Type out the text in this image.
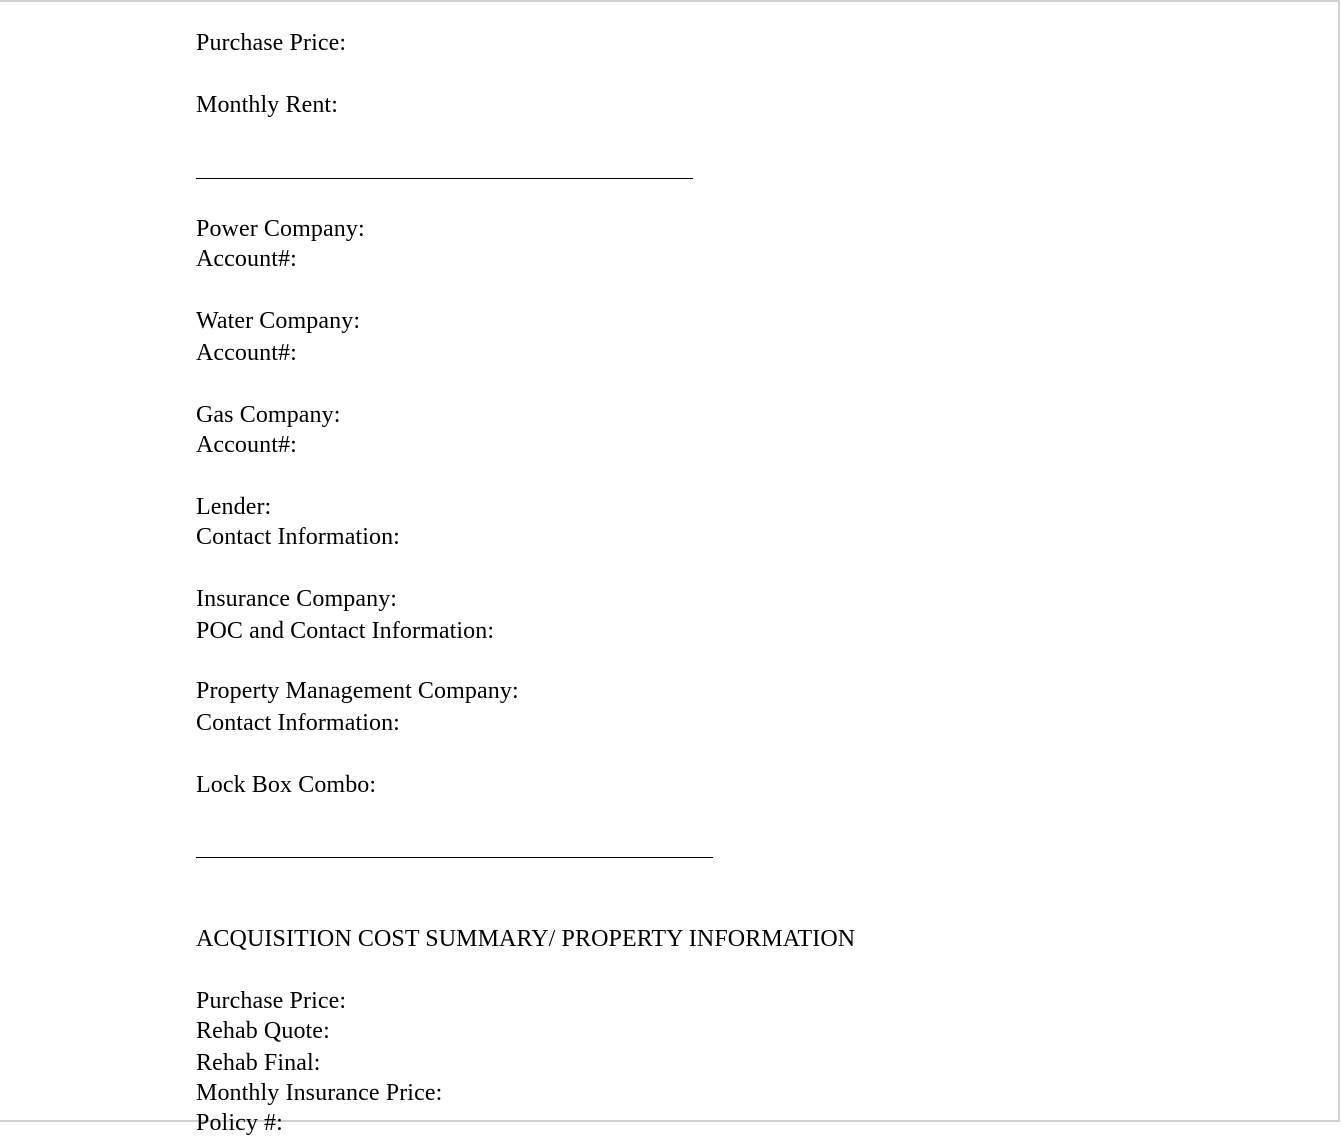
Purchase Price:
Monthly Rent:
Power Company:
Account#:
Water Company:
Account#:
Gas Company:
Account#:
Lender:
Contact Information:
Insurance Company:
POC and Contact Information:
Property Management Company:
Contact Information:
Lock Box Combo:
ACQUISITION COST SUMMARY/ PROPERTY INFORMATION
Purchase Price:
Rehab Quote:
Rehab Final:
Monthly Insurance Price:
Policy #:
